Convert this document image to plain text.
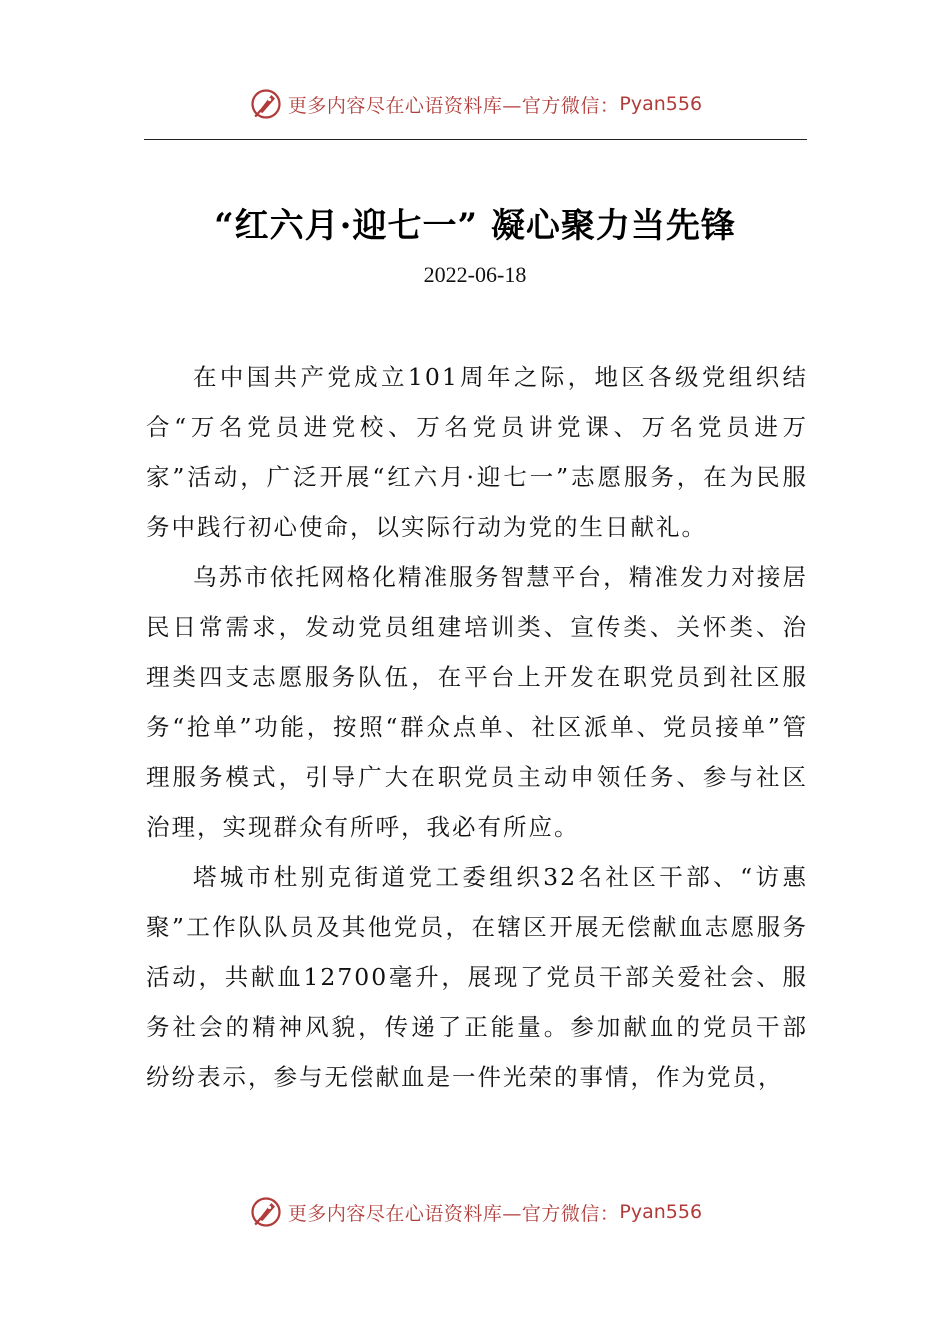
更多内容尽在心语资料库—官方微信： Pyan556
“红六月·迎七一” 凝心聚力当先锋
2022-06-18

在中国共产党成立101周年之际，地区各级党组织结合“万名党员进党校、万名党员讲党课、万名党员进万家”活动，广泛开展“红六月·迎七一”志愿服务，在为民服务中践行初心使命，以实际行动为党的生日献礼。

乌苏市依托网格化精准服务智慧平台，精准发力对接居民日常需求，发动党员组建培训类、宣传类、关怀类、治理类四支志愿服务队伍，在平台上开发在职党员到社区服务“抢单”功能，按照“群众点单、社区派单、党员接单”管理服务模式，引导广大在职党员主动申领任务、参与社区治理，实现群众有所呼，我必有所应。

塔城市杜别克街道党工委组织32名社区干部、“访惠聚”工作队队员及其他党员，在辖区开展无偿献血志愿服务活动，共献血12700毫升，展现了党员干部关爱社会、服务社会的精神风貌，传递了正能量。参加献血的党员干部纷纷表示，参与无偿献血是一件光荣的事情，作为党员，

更多内容尽在心语资料库—官方微信： Pyan556
